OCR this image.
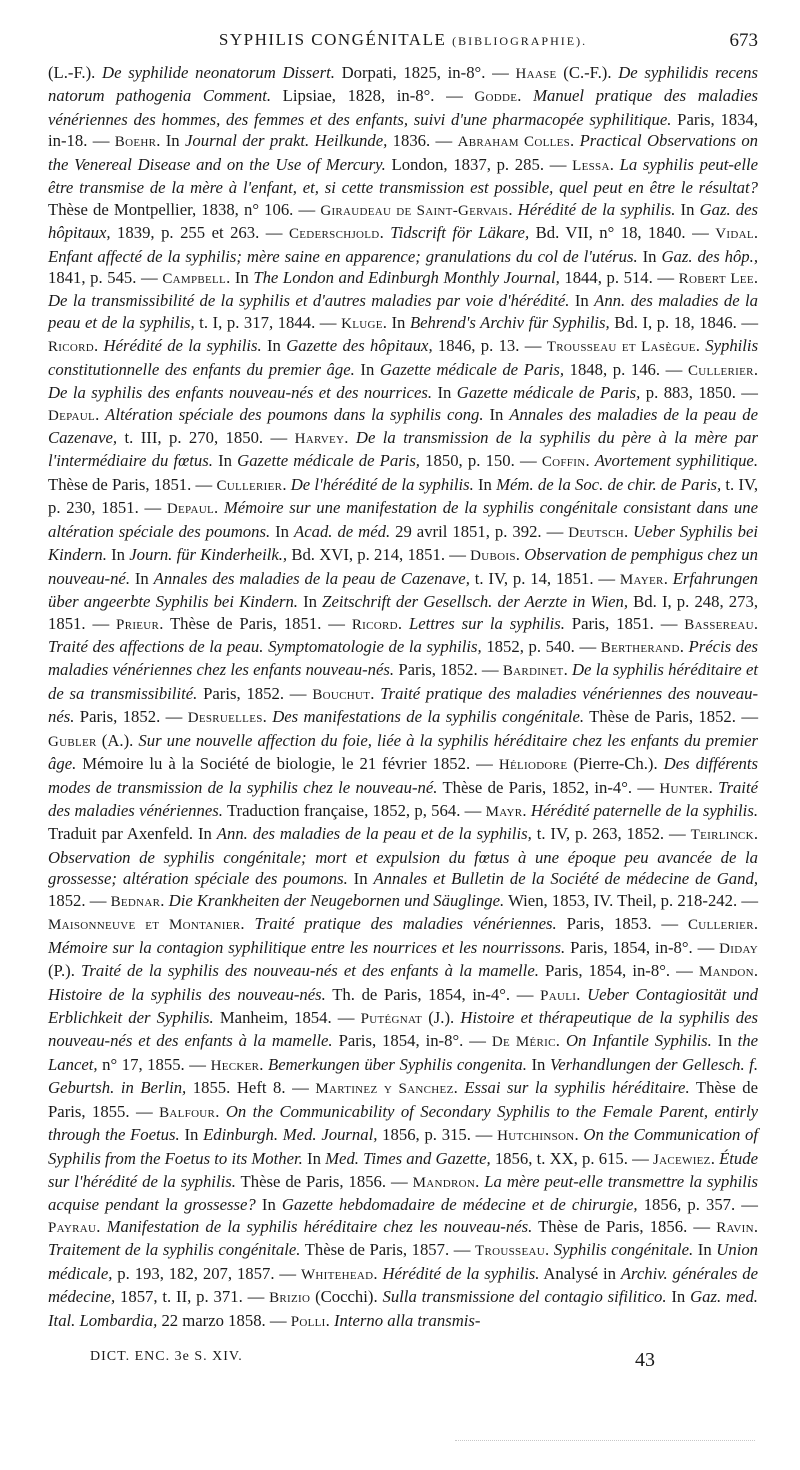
SYPHILIS CONGÉNITALE (BIBLIOGRAPHIE).	673
(L.-F.). De syphilide neonatorum Dissert. Dorpati, 1825, in-8°. — Haase (C.-F.). De syphilidis recens natorum pathogenia Comment. Lipsiae, 1828, in-8°. — Godde. Manuel pratique des maladies vénériennes des hommes, des femmes et des enfants, suivi d'une pharmacopée syphilitique. Paris, 1834, in-18. — Boehr. In Journal der prakt. Heilkunde, 1836. — Abraham Colles. Practical Observations on the Venereal Disease and on the Use of Mercury. London, 1837, p. 285. — Lessa. La syphilis peut-elle être transmise de la mère à l'enfant, et, si cette transmission est possible, quel peut en être le résultat? Thèse de Montpellier, 1838, n° 106. — Giraudeau de Saint-Gervais. Hérédité de la syphilis. In Gaz. des hôpitaux, 1839, p. 255 et 263. — Cederschjold. Tidscrift för Läkare, Bd. VII, n° 18, 1840. — Vidal. Enfant affecté de la syphilis; mère saine en apparence; granulations du col de l'utérus. In Gaz. des hôp., 1841, p. 545. — Campbell. In The London and Edinburgh Monthly Journal, 1844, p. 514. — Robert Lee. De la transmissibilité de la syphilis et d'autres maladies par voie d'hérédité. In Ann. des maladies de la peau et de la syphilis, t. I, p. 317, 1844. — Kluge. In Behrend's Archiv für Syphilis, Bd. I, p. 18, 1846. — Ricord. Hérédité de la syphilis. In Gazette des hôpitaux, 1846, p. 13. — Trousseau et Lasègue. Syphilis constitutionnelle des enfants du premier âge. In Gazette médicale de Paris, 1848, p. 146. — Cullerier. De la syphilis des enfants nouveau-nés et des nourrices. In Gazette médicale de Paris, p. 883, 1850. — Depaul. Altération spéciale des poumons dans la syphilis cong. In Annales des maladies de la peau de Cazenave, t. III, p. 270, 1850. — Harvey. De la transmission de la syphilis du père à la mère par l'intermédiaire du fœtus. In Gazette médicale de Paris, 1850, p. 150. — Coffin. Avortement syphilitique. Thèse de Paris, 1851. — Cullerier. De l'hérédité de la syphilis. In Mém. de la Soc. de chir. de Paris, t. IV, p. 230, 1851. — Depaul. Mémoire sur une manifestation de la syphilis congénitale consistant dans une altération spéciale des poumons. In Acad. de méd. 29 avril 1851, p. 392. — Deutsch. Ueber Syphilis bei Kindern. In Journ. für Kinderheilk., Bd. XVI, p. 214, 1851. — Dubois. Observation de pemphigus chez un nouveau-né. In Annales des maladies de la peau de Cazenave, t. IV, p. 14, 1851. — Mayer. Erfahrungen über angeerbte Syphilis bei Kindern. In Zeitschrift der Gesellsch. der Aerzte in Wien, Bd. I, p. 248, 273, 1851. — Prieur. Thèse de Paris, 1851. — Ricord. Lettres sur la syphilis. Paris, 1851. — Bassereau. Traité des affections de la peau. Symptomatologie de la syphilis, 1852, p. 540. — Bertherand. Précis des maladies vénériennes chez les enfants nouveau-nés. Paris, 1852. — Bardinet. De la syphilis héréditaire et de sa transmissibilité. Paris, 1852. — Bouchut. Traité pratique des maladies vénériennes des nouveau-nés. Paris, 1852. — Desruelles. Des manifestations de la syphilis congénitale. Thèse de Paris, 1852. — Gubler (A.). Sur une nouvelle affection du foie, liée à la syphilis héréditaire chez les enfants du premier âge. Mémoire lu à la Société de biologie, le 21 février 1852. — Héliodore (Pierre-Ch.). Des différents modes de transmission de la syphilis chez le nouveau-né. Thèse de Paris, 1852, in-4°. — Hunter. Traité des maladies vénériennes. Traduction française, 1852, p, 564. — Mayr. Hérédité paternelle de la syphilis. Traduit par Axenfeld. In Ann. des maladies de la peau et de la syphilis, t. IV, p. 263, 1852. — Teirlinck. Observation de syphilis congénitale; mort et expulsion du fœtus à une époque peu avancée de la grossesse; altération spéciale des poumons. In Annales et Bulletin de la Société de médecine de Gand, 1852. — Bednar. Die Krankheiten der Neugebornen und Säuglinge. Wien, 1853, IV. Theil, p. 218-242. — Maisonneuve et Montanier. Traité pratique des maladies vénériennes. Paris, 1853. — Cullerier. Mémoire sur la contagion syphilitique entre les nourrices et les nourrissons. Paris, 1854, in-8°. — Diday (P.). Traité de la syphilis des nouveau-nés et des enfants à la mamelle. Paris, 1854, in-8°. — Mandon. Histoire de la syphilis des nouveau-nés. Th. de Paris, 1854, in-4°. — Pauli. Ueber Contagiosität und Erblichkeit der Syphilis. Manheim, 1854. — Putégnat (J.). Histoire et thérapeutique de la syphilis des nouveau-nés et des enfants à la mamelle. Paris, 1854, in-8°. — De Méric. On Infantile Syphilis. In the Lancet, n° 17, 1855. — Hecker. Bemerkungen über Syphilis congenita. In Verhandlungen der Gellesch. f. Geburtsh. in Berlin, 1855. Heft 8. — Martinez y Sanchez. Essai sur la syphilis héréditaire. Thèse de Paris, 1855. — Balfour. On the Communicability of Secondary Syphilis to the Female Parent, entirly through the Foetus. In Edinburgh. Med. Journal, 1856, p. 315. — Hutchinson. On the Communication of Syphilis from the Foetus to its Mother. In Med. Times and Gazette, 1856, t. XX, p. 615. — Jacewiez. Étude sur l'hérédité de la syphilis. Thèse de Paris, 1856. — Mandron. La mère peut-elle transmettre la syphilis acquise pendant la grossesse? In Gazette hebdomadaire de médecine et de chirurgie, 1856, p. 357. — Payrau. Manifestation de la syphilis héréditaire chez les nouveau-nés. Thèse de Paris, 1856. — Ravin. Traitement de la syphilis congénitale. Thèse de Paris, 1857. — Trousseau. Syphilis congénitale. In Union médicale, p. 193, 182, 207, 1857. — Whitehead. Hérédité de la syphilis. Analysé in Archiv. générales de médecine, 1857, t. II, p. 371. — Brizio (Cocchi). Sulla transmissione del contagio sifilitico. In Gaz. med. Ital. Lombardia, 22 marzo 1858. — Polli. Interno alla transmis-
DICT. ENC. 3e S. XIV.	43
